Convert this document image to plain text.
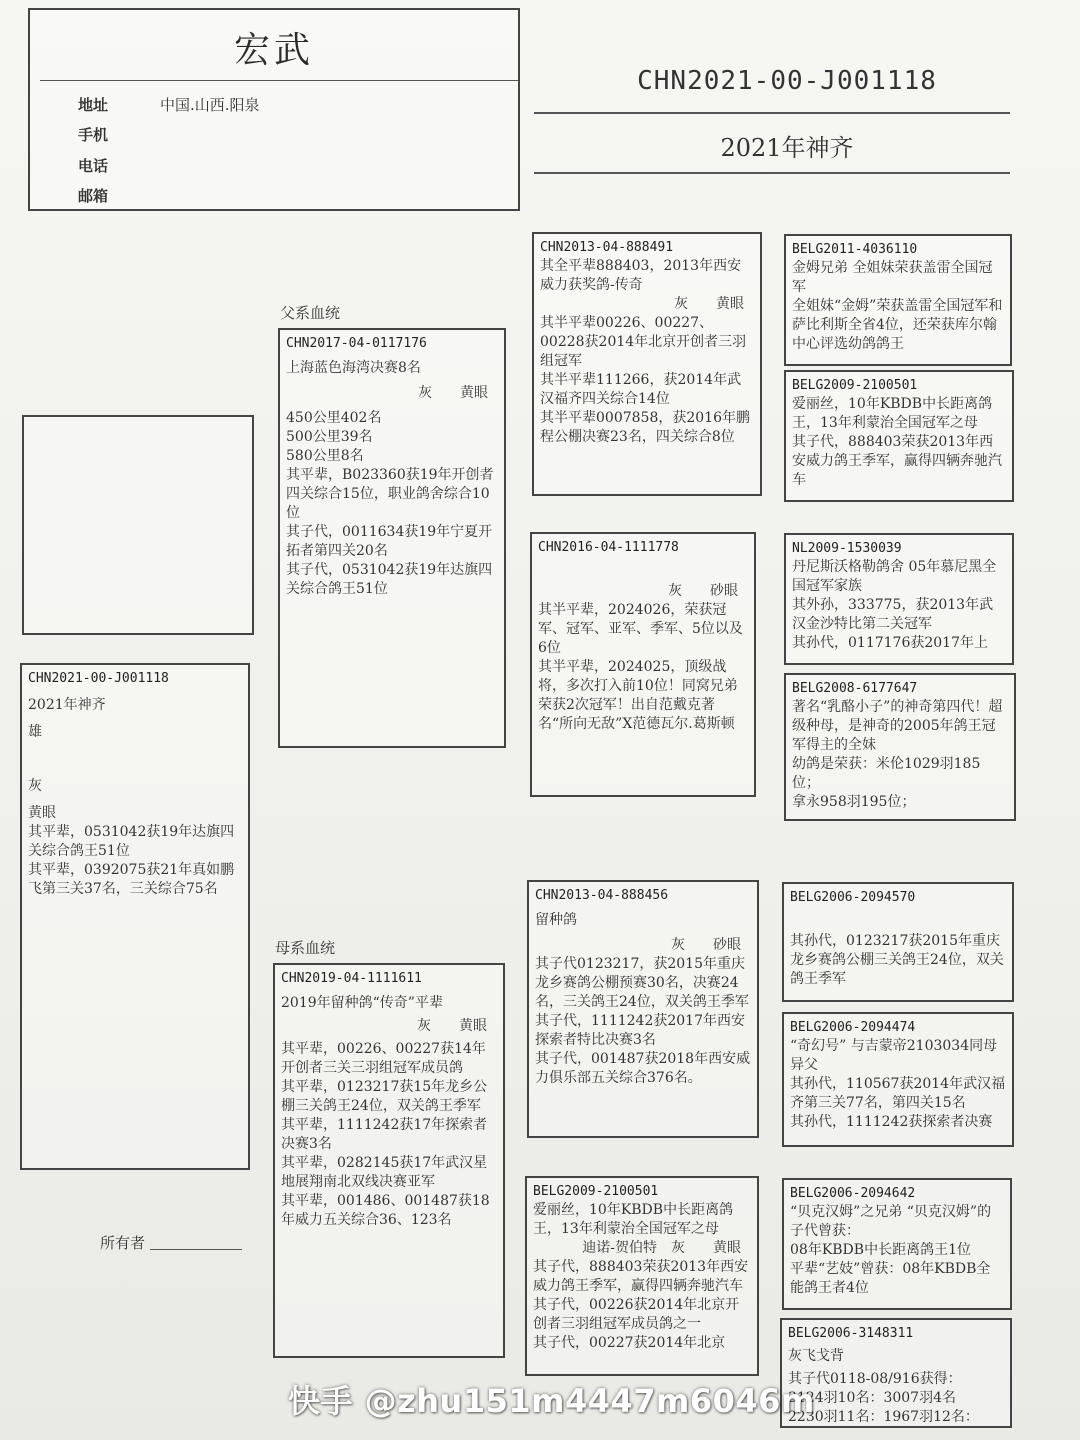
宏武
地址	中国.山西.阳泉
手机
电话
邮箱
CHN2021-00-J001118
2021年神齐
CHN2021-00-J001118
2021年神齐
雄
灰
黄眼
其平辈，0531042获19年达旗四关综合鸽王51位
其平辈，0392075获21年真如鹏飞第三关37名，三关综合75名
所有者
父系血统
母系血统
CHN2017-04-0117176
上海蓝色海湾决赛8名
灰　　黄眼
450公里402名
500公里39名
580公里8名
其平辈，B023360获19年开创者四关综合15位，职业鸽舍综合10位
其子代，0011634获19年宁夏开拓者第四关20名
其子代，0531042获19年达旗四关综合鸽王51位
CHN2019-04-1111611
2019年留种鸽“传奇”平辈
灰　　黄眼
其平辈，00226、00227获14年开创者三关三羽组冠军成员鸽
其平辈，0123217获15年龙乡公棚三关鸽王24位，双关鸽王季军
其平辈，1111242获17年探索者决赛3名
其平辈，0282145获17年武汉星地展翔南北双线决赛亚军
其平辈，001486、001487获18年威力五关综合36、123名
CHN2013-04-888491
其全平辈888403，2013年西安威力获奖鸽-传奇
灰　　黄眼
其半平辈00226、00227、00228获2014年北京开创者三羽组冠军
其半平辈111266，获2014年武汉福齐四关综合14位
其半平辈0007858，获2016年鹏程公棚决赛23名，四关综合8位
CHN2016-04-1111778
灰　　砂眼
其半平辈，2024026，荣获冠军、冠军、亚军、季军、5位以及6位
其半平辈，2024025，顶级战将，多次打入前10位！同窝兄弟荣获2次冠军！出自范戴克著名“所向无敌”X范德瓦尔.葛斯顿
CHN2013-04-888456
留种鸽
灰　　砂眼
其子代0123217，获2015年重庆龙乡赛鸽公棚预赛30名，决赛24名，三关鸽王24位，双关鸽王季军
其子代，1111242获2017年西安探索者特比决赛3名
其子代，001487获2018年西安威力俱乐部五关综合376名。
BELG2009-2100501
爱丽丝，10年KBDB中长距离鸽王，13年利蒙治全国冠军之母
迪诺-贺伯特　灰　　黄眼
其子代，888403荣获2013年西安威力鸽王季军，赢得四辆奔驰汽车
其子代，00226获2014年北京开创者三羽组冠军成员鸽之一
其子代，00227获2014年北京
BELG2011-4036110
金姆兄弟 全姐妹荣获盖雷全国冠军
全姐妹“金姆”荣获盖雷全国冠军和萨比利斯全省4位，还荣获库尔翰中心评选幼鸽鸽王
BELG2009-2100501
爱丽丝，10年KBDB中长距离鸽王，13年利蒙治全国冠军之母
其子代，888403荣获2013年西安威力鸽王季军，赢得四辆奔驰汽车
NL2009-1530039
丹尼斯沃格勒鸽舍 05年慕尼黑全国冠军家族
其外孙，333775，获2013年武汉金沙特比第二关冠军
其孙代，0117176获2017年上
BELG2008-6177647
著名“乳酪小子”的神奇第四代！超级种母，是神奇的2005年鸽王冠军得主的全妹
幼鸽是荣获：米伦1029羽185位；
拿永958羽195位；
BELG2006-2094570
其孙代，0123217获2015年重庆龙乡赛鸽公棚三关鸽王24位，双关鸽王季军
BELG2006-2094474
“奇幻号” 与吉蒙帝2103034同母异父
其孙代，110567获2014年武汉福齐第三关77名，第四关15名
其孙代，1111242获探索者决赛
BELG2006-2094642
“贝克汉姆”之兄弟 “贝克汉姆”的子代曾获：
08年KBDB中长距离鸽王1位
平辈“艺妓”曾获：08年KBDB全能鸽王者4位
BELG2006-3148311
灰飞戈背
其子代0118-08/916获得：
3124羽10名：3007羽4名
2230羽11名：1967羽12名：
快手 @zhu151m4447m6046m
